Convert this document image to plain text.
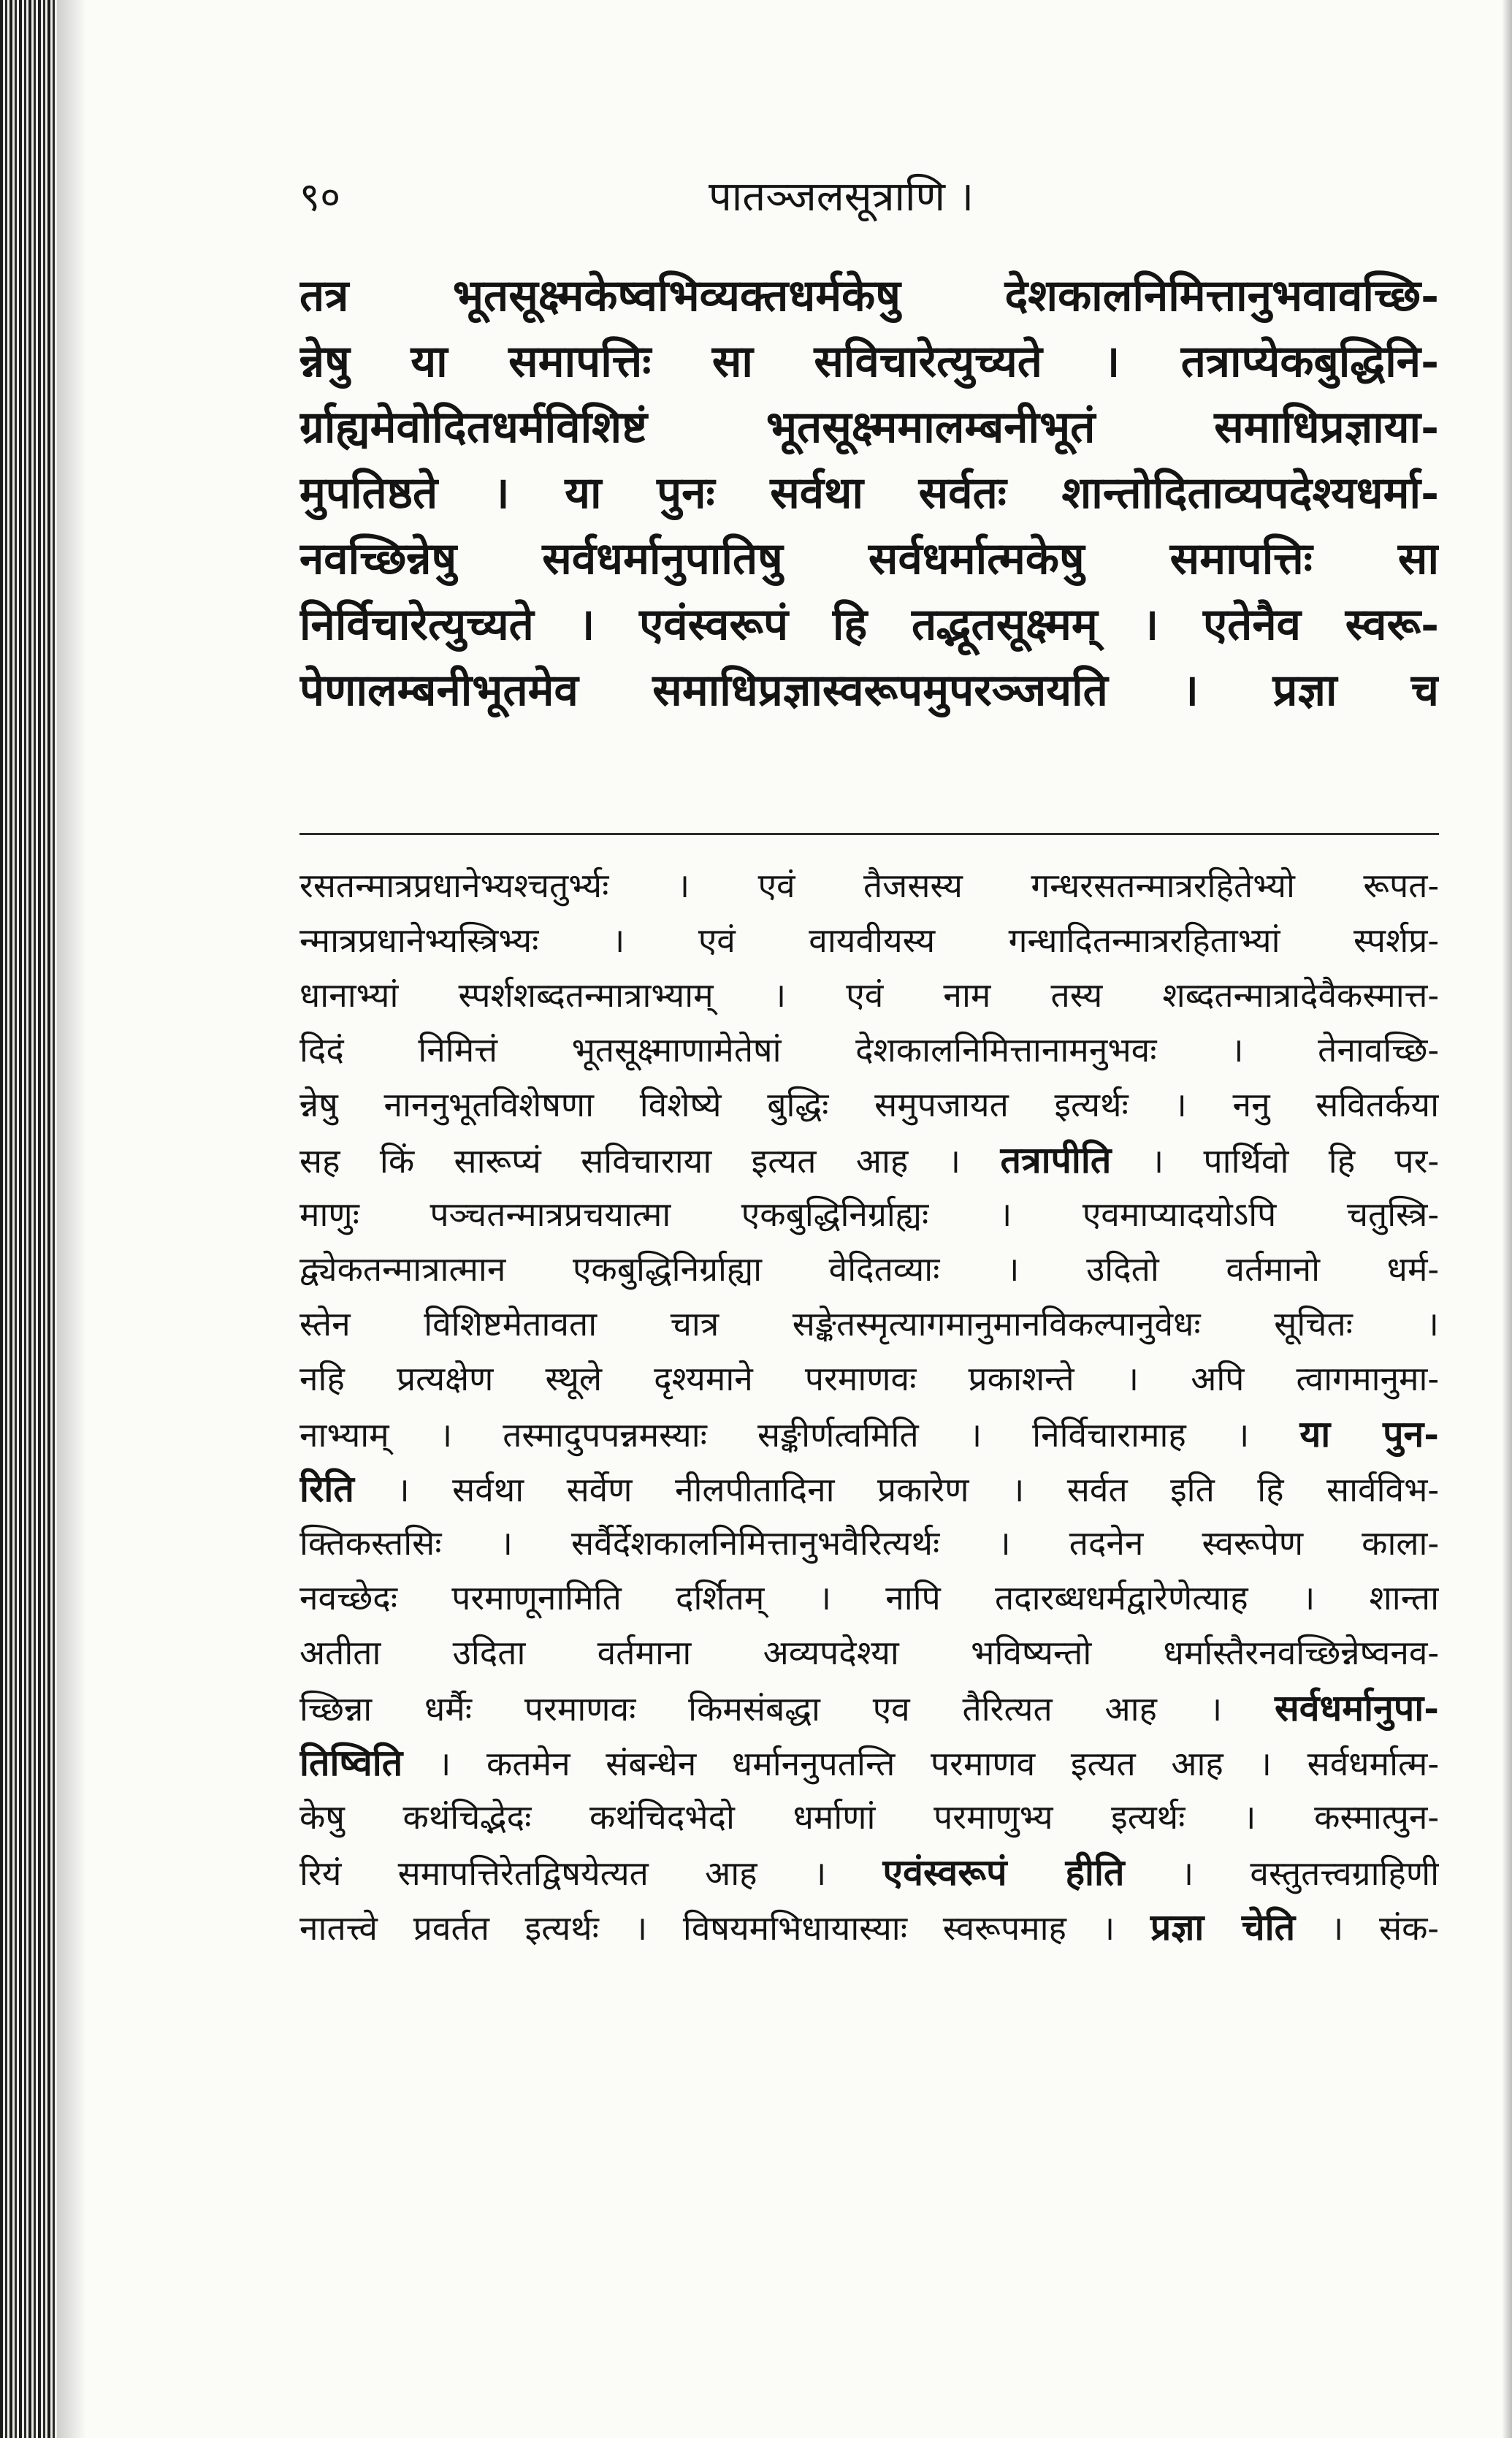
९०	पातञ्जलसूत्राणि ।
तत्र भूतसूक्ष्मकेष्वभिव्यक्तधर्मकेषु देशकालनिमित्तानुभवावच्छि-
न्नेषु या समापत्तिः सा सविचारेत्युच्यते । तत्राप्येकबुद्धिनि-
र्ग्राह्यमेवोदितधर्मविशिष्टं भूतसूक्ष्ममालम्बनीभूतं समाधिप्रज्ञाया-
मुपतिष्ठते । या पुनः सर्वथा सर्वतः शान्तोदिताव्यपदेश्यधर्मा-
नवच्छिन्नेषु सर्वधर्मानुपातिषु सर्वधर्मात्मकेषु समापत्तिः सा
निर्विचारेत्युच्यते । एवंस्वरूपं हि तद्भूतसूक्ष्मम् । एतेनैव स्वरू-
पेणालम्बनीभूतमेव समाधिप्रज्ञास्वरूपमुपरञ्जयति । प्रज्ञा च
रसतन्मात्रप्रधानेभ्यश्चतुर्भ्यः । एवं तैजसस्य गन्धरसतन्मात्ररहितेभ्यो रूपत-
न्मात्रप्रधानेभ्यस्त्रिभ्यः । एवं वायवीयस्य गन्धादितन्मात्ररहिताभ्यां स्पर्शप्र-
धानाभ्यां स्पर्शशब्दतन्मात्राभ्याम् । एवं नाम तस्य शब्दतन्मात्रादेवैकस्मात्त-
दिदं निमित्तं भूतसूक्ष्माणामेतेषां देशकालनिमित्तानामनुभवः । तेनावच्छि-
न्नेषु नाननुभूतविशेषणा विशेष्ये बुद्धिः समुपजायत इत्यर्थः । ननु सवितर्कया
सह किं सारूप्यं सविचाराया इत्यत आह । तत्रापीति । पार्थिवो हि पर-
माणुः पञ्चतन्मात्रप्रचयात्मा एकबुद्धिनिर्ग्राह्यः । एवमाप्यादयोऽपि चतुस्त्रि-
द्व्येकतन्मात्रात्मान एकबुद्धिनिर्ग्राह्या वेदितव्याः । उदितो वर्तमानो धर्म-
स्तेन विशिष्टमेतावता चात्र सङ्केतस्मृत्यागमानुमानविकल्पानुवेधः सूचितः ।
नहि प्रत्यक्षेण स्थूले दृश्यमाने परमाणवः प्रकाशन्ते । अपि त्वागमानुमा-
नाभ्याम् । तस्मादुपपन्नमस्याः सङ्कीर्णत्वमिति । निर्विचारामाह । या पुन-
रिति । सर्वथा सर्वेण नीलपीतादिना प्रकारेण । सर्वत इति हि सार्वविभ-
क्तिकस्तसिः । सर्वैर्देशकालनिमित्तानुभवैरित्यर्थः । तदनेन स्वरूपेण काला-
नवच्छेदः परमाणूनामिति दर्शितम् । नापि तदारब्धधर्मद्वारेणेत्याह । शान्ता
अतीता उदिता वर्तमाना अव्यपदेश्या भविष्यन्तो धर्मास्तैरनवच्छिन्नेष्वनव-
च्छिन्ना धर्मैः परमाणवः किमसंबद्धा एव तैरित्यत आह । सर्वधर्मानुपा-
तिष्विति । कतमेन संबन्धेन धर्माननुपतन्ति परमाणव इत्यत आह । सर्वधर्मात्म-
केषु कथंचिद्भेदः कथंचिदभेदो धर्माणां परमाणुभ्य इत्यर्थः । कस्मात्पुन-
रियं समापत्तिरेतद्विषयेत्यत आह । एवंस्वरूपं हीति । वस्तुतत्त्वग्राहिणी
नातत्त्वे प्रवर्तत इत्यर्थः । विषयमभिधायास्याः स्वरूपमाह । प्रज्ञा चेति । संक-
